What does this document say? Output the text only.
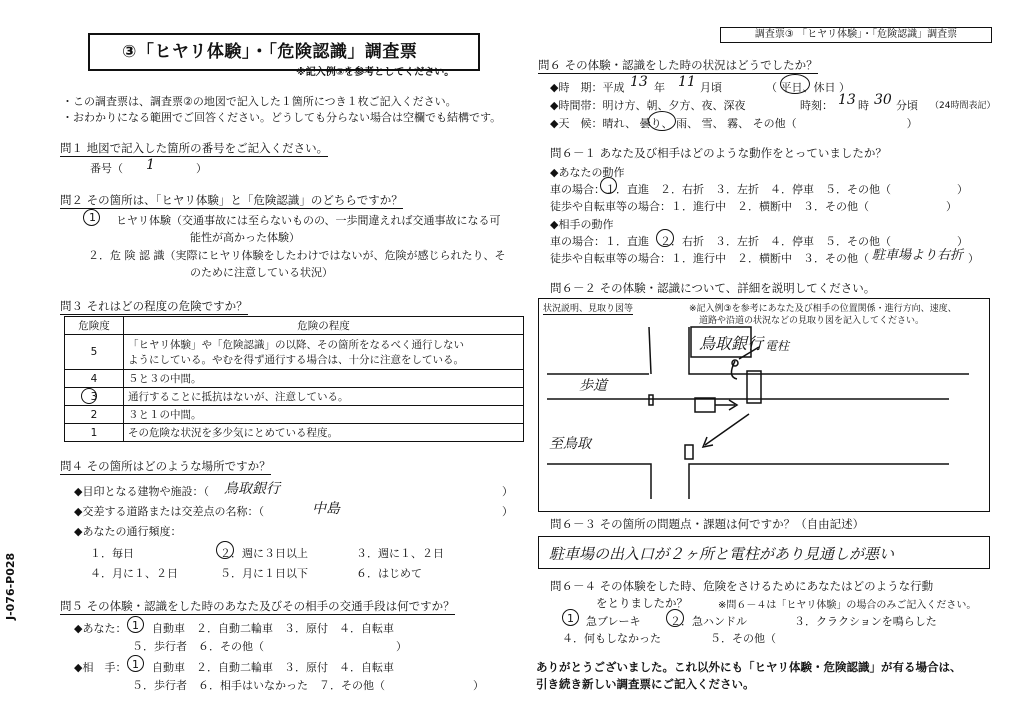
③「ヒヤリ体験」・「危険認識」調査票
※記入例③を参考としてください。
調査票③ 「ヒヤリ体験」・「危険認識」調査票
J-076-P028
・この調査票は、調査票②の地図で記入した１箇所につき１枚ご記入ください。
・おわかりになる範囲でご回答ください。どうしても分らない場合は空欄でも結構です。
問１ 地図で記入した箇所の番号をご記入ください。
番号（ 1	）
問２ その箇所は、「ヒヤリ体験」と「危険認識」のどちらですか？
1 ヒヤリ体験（交通事故には至らないものの、一歩間違えれば交通事故になる可
能性が高かった体験）
２．危 険 認 識（実際にヒヤリ体験をしたわけではないが、危険が感じられたり、そ
のために注意している状況）
問３ それはどの程度の危険ですか？
危険度	危険の程度
5	「ヒヤリ体験」や「危険認識」の以降、その箇所をなるべく通行しない
ようにしている。やむを得ず通行する場合は、十分に注意をしている。

4	５と３の中間。
3	通行することに抵抗はないが、注意している。
2	３と１の中間。
1	その危険な状況を多少気にとめている程度。
問４ その箇所はどのような場所ですか？
◆目印となる建物や施設：（ 鳥取銀行	）
◆交差する道路または交差点の名称：（	中島	）
◆あなたの通行頻度：
１．毎日	２．週に３日以上	３．週に１、２日
４．月に１、２日	５．月に１日以下	６．はじめて
問５ その体験・認識をした時のあなた及びその相手の交通手段は何ですか？
◆あなた： 1 自動車　２．自動二輪車　３．原付　４．自転車
５．歩行者　６．その他（　　　　　　　　　　　　）
◆相　手： 1 自動車　２．自動二輪車　３．原付　４．自転車
５．歩行者　６．相手はいなかった　７．その他（　　　　　　　　）
問６ その体験・認識をした時の状況はどうでしたか？
◆時　期：平成 13 年 11 月頃	（ 平日、休日 ）
◆時間帯：明け方、朝、夕方、夜、深夜	時刻： 13 時 30 分頃 （24時間表記）
◆天　候：晴れ、 曇り、 雨、 雪、 霧、 その他（　　　　　　　　　　）
問６－１ あなた及び相手はどのような動作をとっていましたか？
◆あなたの動作
車の場合：１．直進　２．右折　３．左折　４．停車　５．その他（　　　　　　）
徒歩や自転車等の場合：１．進行中　２．横断中　３．その他（　　　　　　　）
◆相手の動作
車の場合：１．直進　２．右折　３．左折　４．停車　５．その他（　　　　　　）
徒歩や自転車等の場合：１．進行中　２．横断中　３．その他（ 駐車場より右折 ）
問６－２ その体験・認識について、詳細を説明してください。
状況説明、見取り図等	※記入例③を参考にあなた及び相手の位置関係・進行方向、速度、
道路や沿道の状況などの見取り図を記入してください。
鳥取銀行 電柱
歩道
至鳥取
問６－３ その箇所の問題点・課題は何ですか？（自由記述）
駐車場の出入口が２ヶ所と電柱があり見通しが悪い
問６－４ その体験をした時、危険をさけるためにあなたはどのような行動
をとりましたか？	※問６－４は「ヒヤリ体験」の場合のみご記入ください。
1 急ブレーキ	２．急ハンドル	３．クラクションを鳴らした
４．何もしなかった	５．その他（
ありがとうございました。これ以外にも「ヒヤリ体験・危険認識」が有る場合は、
引き続き新しい調査票にご記入ください。
